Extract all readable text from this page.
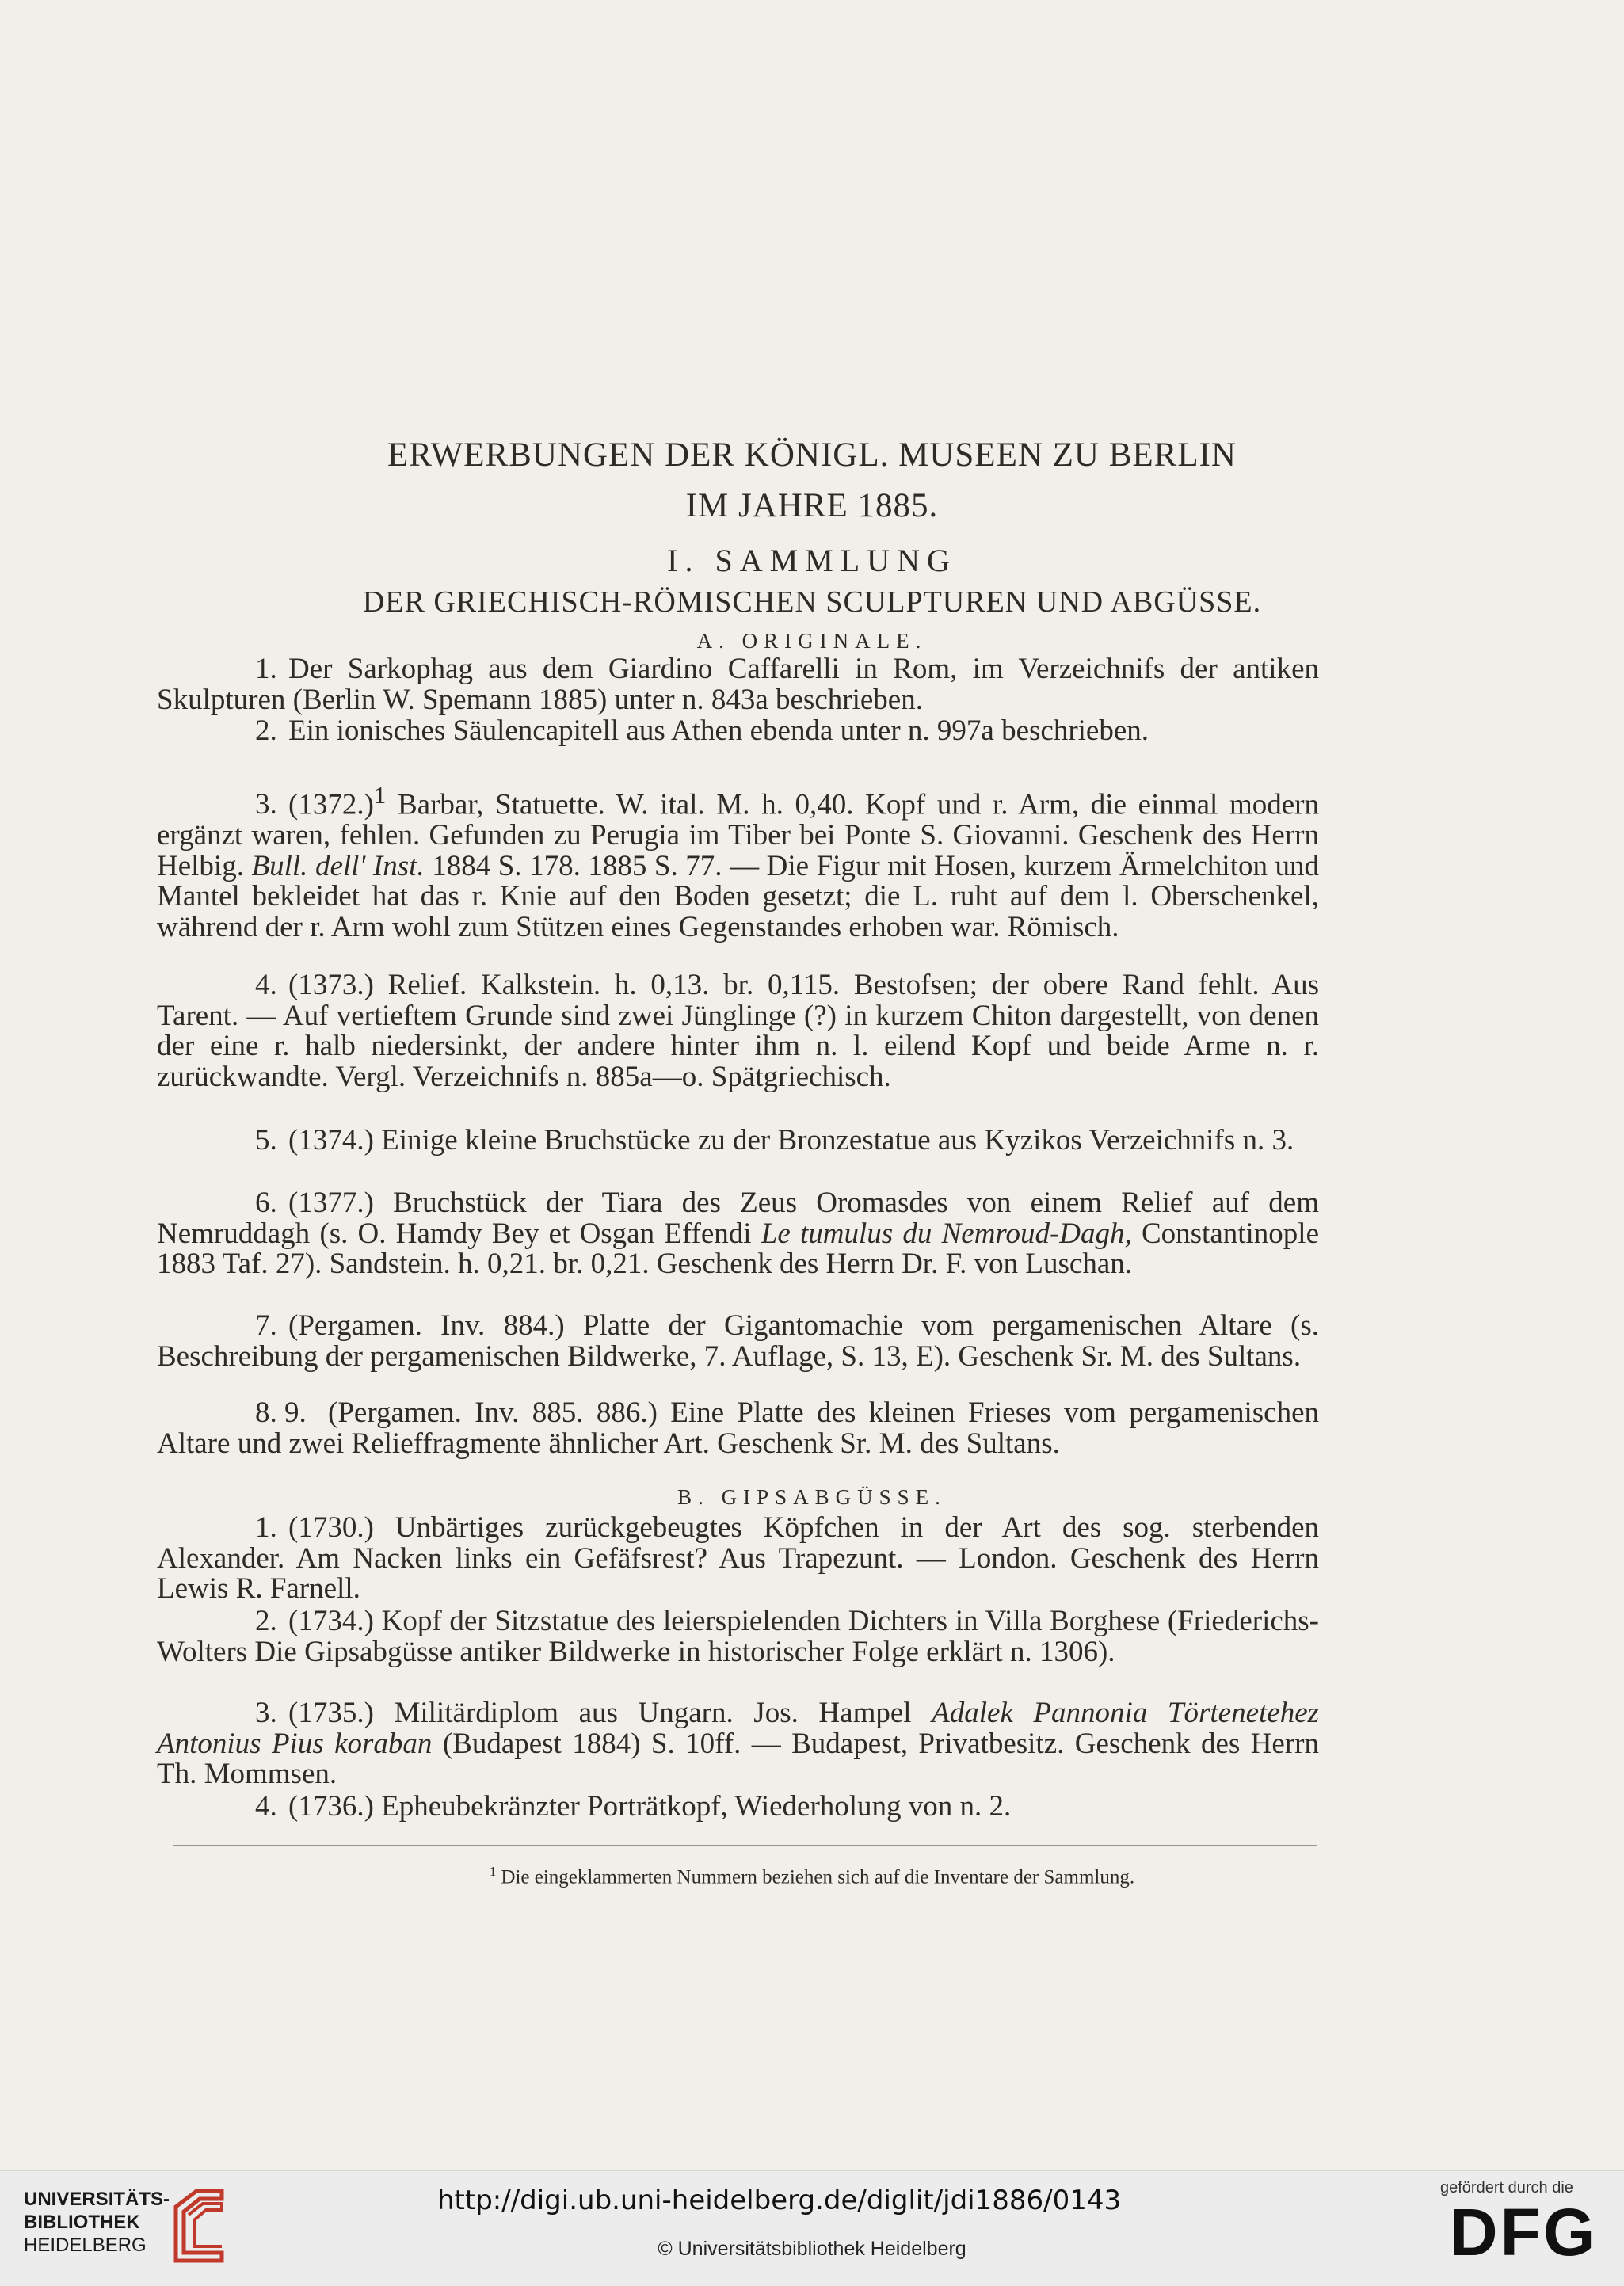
ERWERBUNGEN DER KÖNIGL. MUSEEN ZU BERLIN
IM JAHRE 1885.
I. SAMMLUNG
DER GRIECHISCH-RÖMISCHEN SCULPTUREN UND ABGÜSSE.
A. ORIGINALE.

1. Der Sarkophag aus dem Giardino Caffarelli in Rom, im Verzeichnifs der antiken Skulpturen (Berlin W. Spemann 1885) unter n. 843a beschrieben.

2. Ein ionisches Säulencapitell aus Athen ebenda unter n. 997a beschrieben.

3. $(1372.)^1$ Barbar, Statuette. W. ital. M. h. 0,40. Kopf und r. Arm, die einmal modern ergänzt waren, fehlen. Gefunden zu Perugia im Tiber bei Ponte S. Giovanni. Geschenk des Herrn Helbig. Bull. dell' Inst. 1884 S. 178. 1885 S. 77. — Die Figur mit Hosen, kurzem Ärmelchiton und Mantel bekleidet hat das r. Knie auf den Boden gesetzt; die L. ruht auf dem l. Oberschenkel, während der r. Arm wohl zum Stützen eines Gegenstandes erhoben war. Römisch.

4. (1373.) Relief. Kalkstein. h. 0,13. br. 0,115. Bestofsen; der obere Rand fehlt. Aus Tarent. — Auf vertieftem Grunde sind zwei Jünglinge (?) in kurzem Chiton dargestellt, von denen der eine r. halb niedersinkt, der andere hinter ihm n. l. eilend Kopf und beide Arme n. r. zurückwandte. Vergl. Verzeichnifs n. 885a—o. Spätgriechisch.

5. (1374.) Einige kleine Bruchstücke zu der Bronzestatue aus Kyzikos Verzeichnifs n. 3.

6. (1377.) Bruchstück der Tiara des Zeus Oromasdes von einem Relief auf dem Nemruddagh (s. O. Hamdy Bey et Osgan Effendi Le tumulus du Nemroud-Dagh, Constantinople 1883 Taf. 27). Sandstein. h. 0,21. br. 0,21. Geschenk des Herrn Dr. F. von Luschan.

7. (Pergamen. Inv. 884.) Platte der Gigantomachie vom pergamenischen Altare (s. Beschreibung der pergamenischen Bildwerke, 7. Auflage, S. 13, E). Geschenk Sr. M. des Sultans.

8. 9. (Pergamen. Inv. 885. 886.) Eine Platte des kleinen Frieses vom pergamenischen Altare und zwei Relieffragmente ähnlicher Art. Geschenk Sr. M. des Sultans.

B. GIPSABGÜSSE.

1. (1730.) Unbärtiges zurückgebeugtes Köpfchen in der Art des sog. sterbenden Alexander. Am Nacken links ein Gefäfsrest? Aus Trapezunt. — London. Geschenk des Herrn Lewis R. Farnell.

2. (1734.) Kopf der Sitzstatue des leierspielenden Dichters in Villa Borghese (Friederichs-Wolters Die Gipsabgüsse antiker Bildwerke in historischer Folge erklärt n. 1306).

3. (1735.) Militärdiplom aus Ungarn. Jos. Hampel Adalek Pannonia Törtenetehez Antonius Pius koraban (Budapest 1884) S. 10ff. — Budapest, Privatbesitz. Geschenk des Herrn Th. Mommsen.

4. (1736.) Epheubekränzter Porträtkopf, Wiederholung von n. 2.

$^1$ Die eingeklammerten Nummern beziehen sich auf die Inventare der Sammlung.
UNIVERSITÄTS-
BIBLIOTHEK
HEIDELBERG
http://digi.ub.uni-heidelberg.de/diglit/jdi1886/0143
© Universitätsbibliothek Heidelberg
gefördert durch die
DFG
